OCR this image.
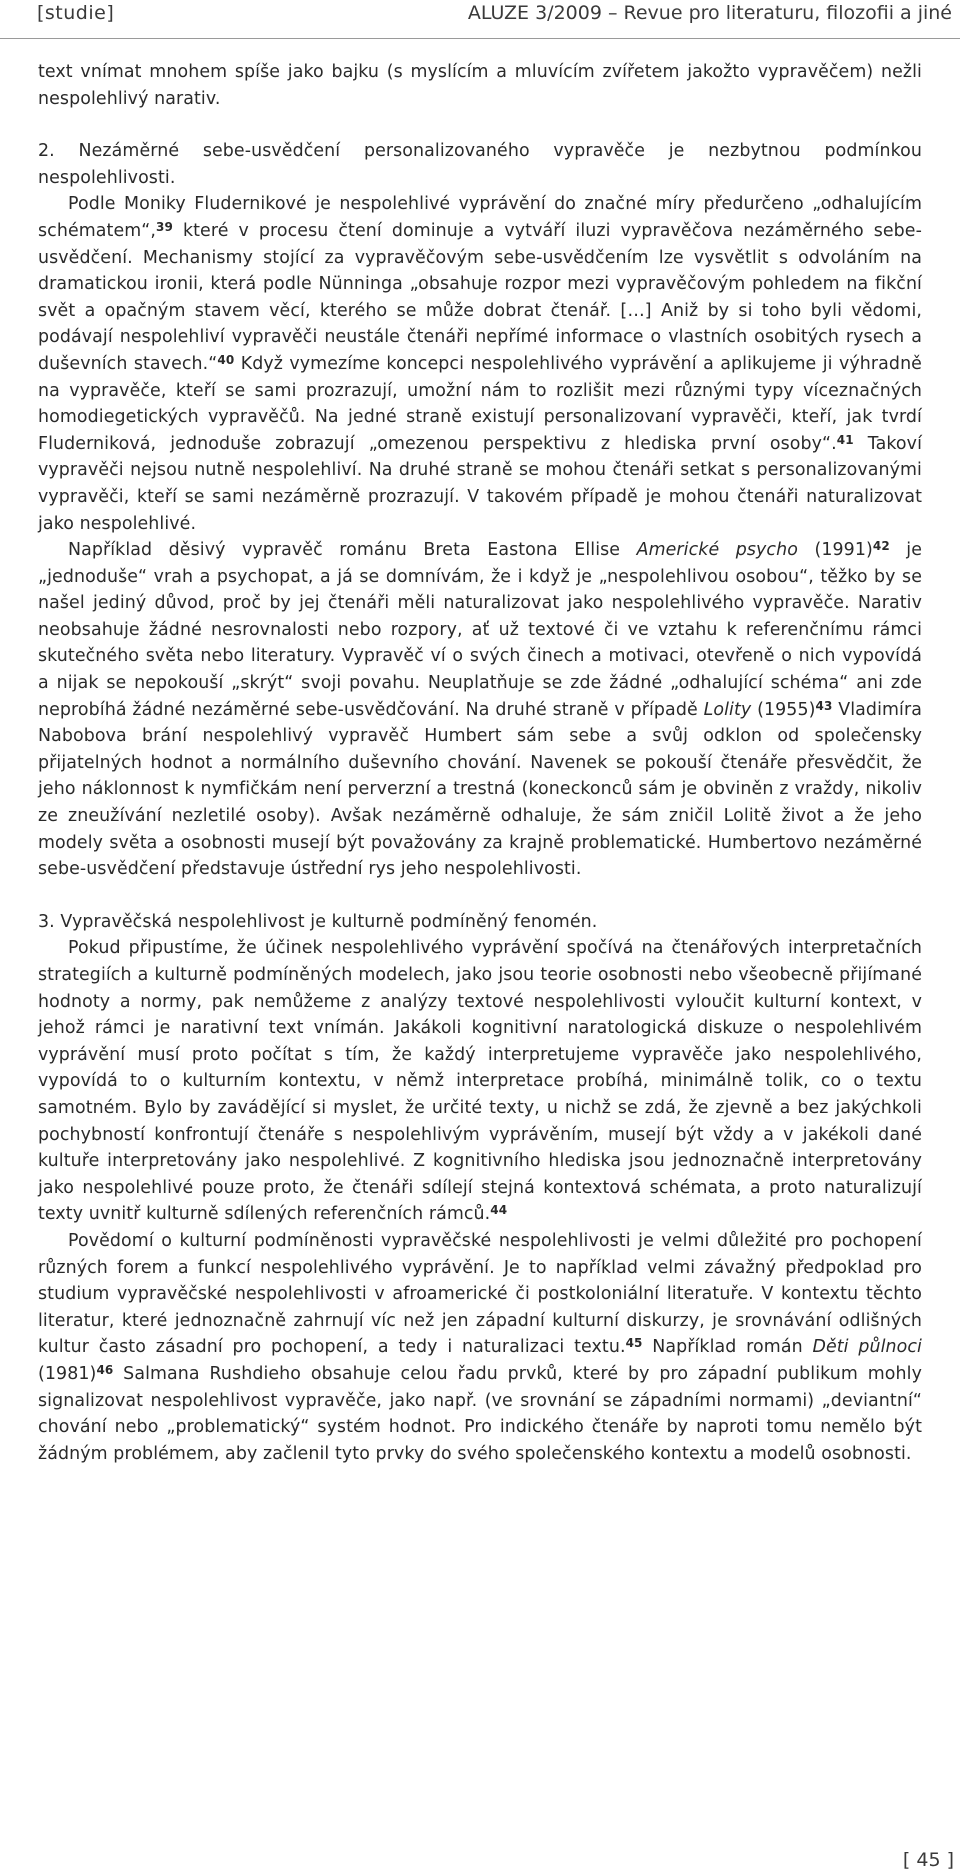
[studie]	ALUZE 3/2009 – Revue pro literaturu, filozofii a jiné

text vnímat mnohem spíše jako bajku (s myslícím a mluvícím zvířetem jakožto vypravěčem) nežli nespolehlivý narativ.

2. Nezáměrné sebe-usvědčení personalizovaného vypravěče je nezbytnou podmínkou nespolehlivosti.

Podle Moniky Fludernikové je nespolehlivé vyprávění do značné míry předurčeno „odhalujícím schématem“,$^{39}$ které v procesu čtení dominuje a vytváří iluzi vypravěčova nezáměrného sebe-usvědčení. Mechanismy stojící za vypravěčovým sebe-usvědčením lze vysvětlit s odvoláním na dramatickou ironii, která podle Nünninga „obsahuje rozpor mezi vypravěčovým pohledem na fikční svět a opačným stavem věcí, kterého se může dobrat čtenář. […] Aniž by si toho byli vědomi, podávají nespolehliví vypravěči neustále čtenáři nepřímé informace o vlastních osobitých rysech a duševních stavech.“$^{40}$ Když vymezíme koncepci nespolehlivého vyprávění a aplikujeme ji výhradně na vypravěče, kteří se sami prozrazují, umožní nám to rozlišit mezi různými typy víceznačných homodiegetických vypravěčů. Na jedné straně existují personalizovaní vypravěči, kteří, jak tvrdí Fluderniková, jednoduše zobrazují „omezenou perspektivu z hlediska první osoby“.$^{41}$ Takoví vypravěči nejsou nutně nespolehliví. Na druhé straně se mohou čtenáři setkat s personalizovanými vypravěči, kteří se sami nezáměrně prozrazují. V takovém případě je mohou čtenáři naturalizovat jako nespolehlivé.

Například děsivý vypravěč románu Breta Eastona Ellise Americké psycho $(1991)^{42}$ je „jednoduše“ vrah a psychopat, a já se domnívám, že i když je „nespolehlivou osobou“, těžko by se našel jediný důvod, proč by jej čtenáři měli naturalizovat jako nespolehlivého vypravěče. Narativ neobsahuje žádné nesrovnalosti nebo rozpory, ať už textové či ve vztahu k referenčnímu rámci skutečného světa nebo literatury. Vypravěč ví o svých činech a motivaci, otevřeně o nich vypovídá a nijak se nepokouší „skrýt“ svoji povahu. Neuplatňuje se zde žádné „odhalující schéma“ ani zde neprobíhá žádné nezáměrné sebe-usvědčování. Na druhé straně v případě Lolity $(1955)^{43}$ Vladimíra Nabobova brání nespolehlivý vypravěč Humbert sám sebe a svůj odklon od společensky přijatelných hodnot a normálního duševního chování. Navenek se pokouší čtenáře přesvědčit, že jeho náklonnost k nymfičkám není perverzní a trestná (koneckonců sám je obviněn z vraždy, nikoliv ze zneužívání nezletilé osoby). Avšak nezáměrně odhaluje, že sám zničil Lolitě život a že jeho modely světa a osobnosti musejí být považovány za krajně problematické. Humbertovo nezáměrné sebe-usvědčení představuje ústřední rys jeho nespolehlivosti.

3. Vypravěčská nespolehlivost je kulturně podmíněný fenomén.

Pokud připustíme, že účinek nespolehlivého vyprávění spočívá na čtenářových interpretačních strategiích a kulturně podmíněných modelech, jako jsou teorie osobnosti nebo všeobecně přijímané hodnoty a normy, pak nemůžeme z analýzy textové nespolehlivosti vyloučit kulturní kontext, v jehož rámci je narativní text vnímán. Jakákoli kognitivní naratologická diskuze o nespolehlivém vyprávění musí proto počítat s tím, že každý interpretujeme vypravěče jako nespolehlivého, vypovídá to o kulturním kontextu, v němž interpretace probíhá, minimálně tolik, co o textu samotném. Bylo by zavádějící si myslet, že určité texty, u nichž se zdá, že zjevně a bez jakýchkoli pochybností konfrontují čtenáře s nespolehlivým vyprávěním, musejí být vždy a v jakékoli dané kultuře interpretovány jako nespolehlivé. Z kognitivního hlediska jsou jednoznačně interpretovány jako nespolehlivé pouze proto, že čtenáři sdílejí stejná kontextová schémata, a proto naturalizují texty uvnitř kulturně sdílených referenčních rámců.$^{44}$

Povědomí o kulturní podmíněnosti vypravěčské nespolehlivosti je velmi důležité pro pochopení různých forem a funkcí nespolehlivého vyprávění. Je to například velmi závažný předpoklad pro studium vypravěčské nespolehlivosti v afroamerické či postkoloniální literatuře. V kontextu těchto literatur, které jednoznačně zahrnují víc než jen západní kulturní diskurzy, je srovnávání odlišných kultur často zásadní pro pochopení, a tedy i naturalizaci textu.$^{45}$ Například román Děti půlnoci $(1981)^{46}$ Salmana Rushdieho obsahuje celou řadu prvků, které by pro západní publikum mohly signalizovat nespolehlivost vypravěče, jako např. (ve srovnání se západními normami) „deviantní“ chování nebo „problematický“ systém hodnot. Pro indického čtenáře by naproti tomu nemělo být žádným problémem, aby začlenil tyto prvky do svého společenského kontextu a modelů osobnosti.

[ 45 ]
